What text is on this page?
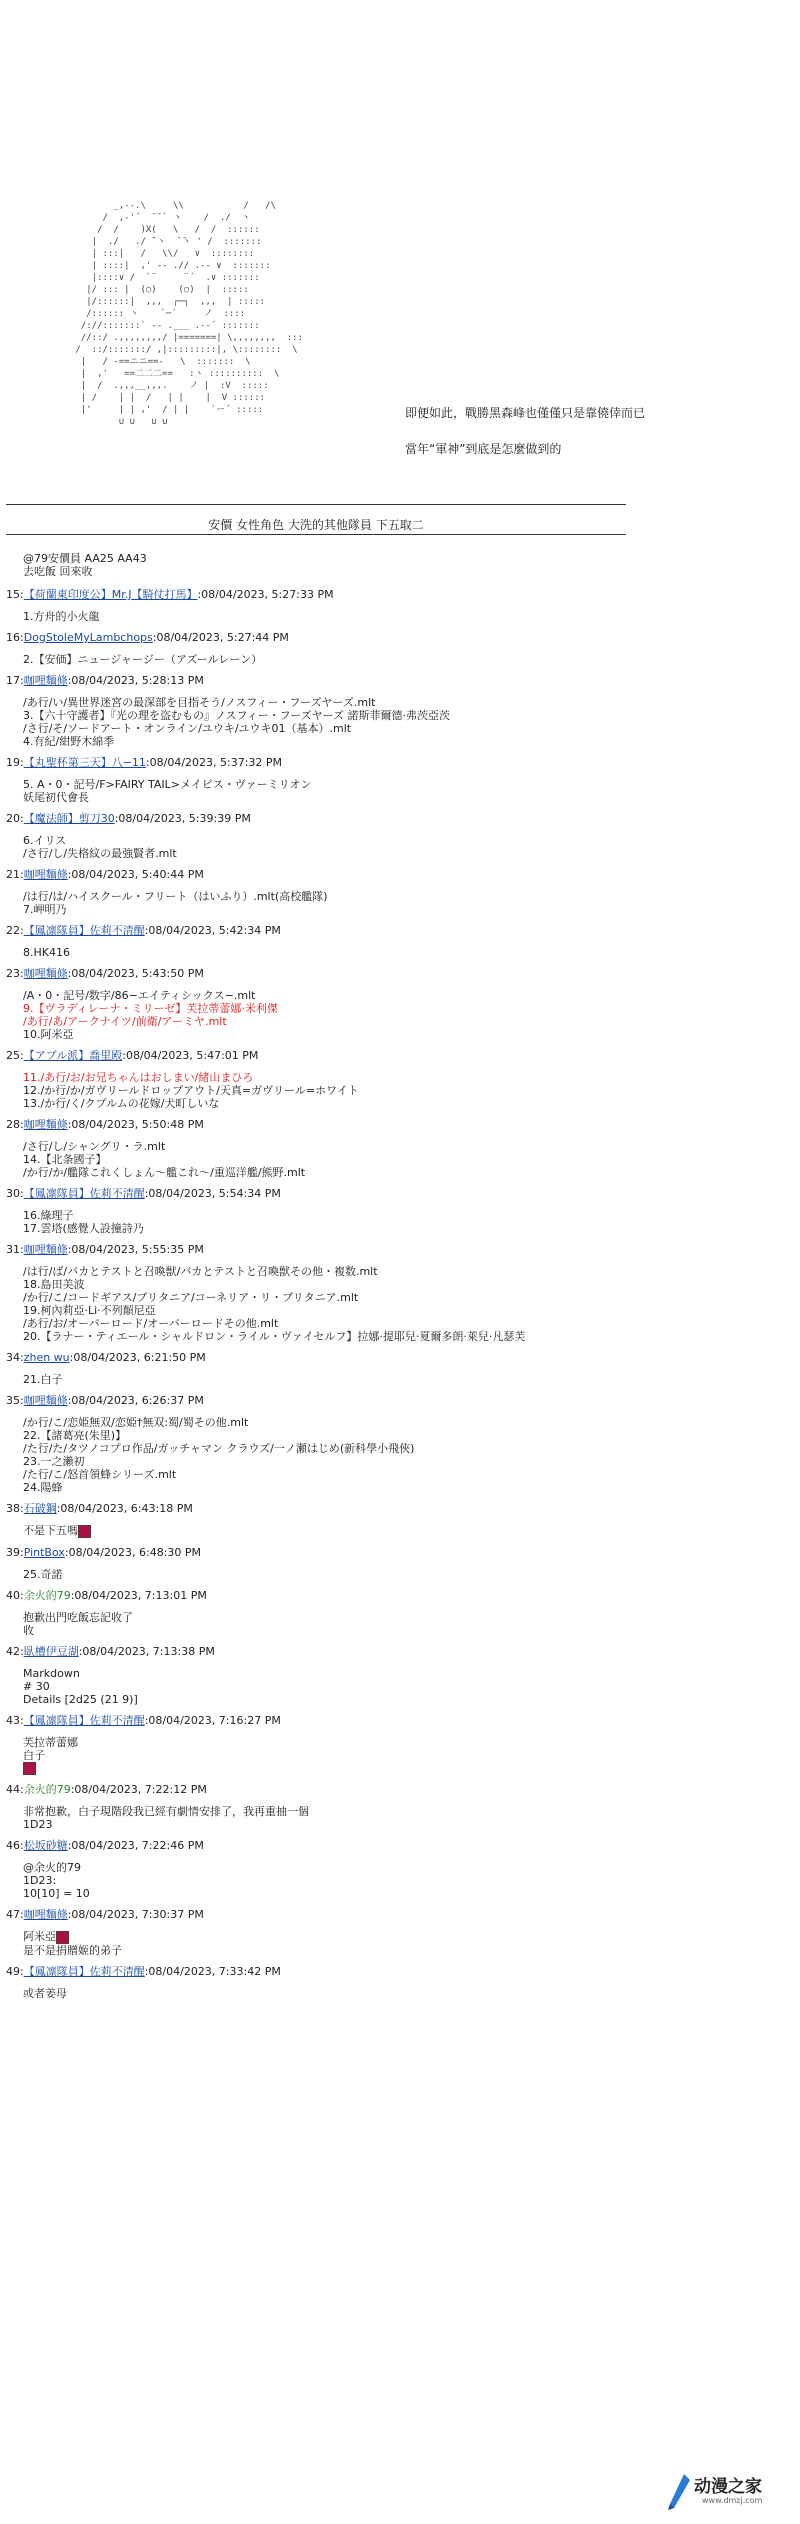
_,--.\     \\           /   /\
/  ,‐'´  ̄ ̄ ` ヽ    /  ./  ヽ
/  /    )X(   \   /  /  ::::::
|  ./   ./ ̄`ヽ  ̄ ̄ヽ ' /  :::::::
| :::|   /   \\/   ∨  ::::::::
| ::::|  ,' ‐- .// .-‐ ∨  :::::::
|::::∨ /  `¨     ¨´  .∨ :::::::
|/ ::: |  (○)    (○)  |  :::::
|/::::::|  ,,,  ┌─┐  ,,,  | :::::
/:::::: ヽ    `─´     ノ  ::::
/://:::::::` ‐- .___ .-‐´ :::::::
//::/ .,,,,,,,,/ |=======| \,,,,,,,,  :::
/  ::/:::::::/ ,|:::::::::|, \::::::::  \
|   / ‐==ニニ==-   \  :::::::  \
|  ,'   ==二二二==   :ヽ ::::::::::  \
|  /  .,,,__,,,.    ノ |  :V  :::::
| /    | |  /   | |    |  V ::::::
|'     | | ,'  / | |    `ー´ :::::
∪ ∪   ∪ ∪

即便如此，戰勝黑森峰也僅僅只是靠僥倖而已
當年“軍神”到底是怎麼做到的
安價 女性角色 大洗的其他隊員 下五取二
@79安價員 AA25 AA43
去吃飯 回來收
15:【荷蘭東印度公】Mr.J【騎仗打馬】:08/04/2023, 5:27:33 PM
1.方舟的小火龍
16:DogStoleMyLambchops:08/04/2023, 5:27:44 PM
2.【安価】ニュージャージー（アズールレーン）
17:咖哩麵條:08/04/2023, 5:28:13 PM
/あ行/い/異世界迷宮の最深部を目指そう/ノスフィー・フーズヤーズ.mlt
3.【六十守護者】『光の理を盗むもの』ノスフィー・フーズヤーズ 諾斯菲爾德·弗茨亞茨
/さ行/そ/ソードアート・オンライン/ユウキ/ユウキ01（基本）.mlt
4.有紀/紺野木綿季
19:【丸聖杯第三天】八−11:08/04/2023, 5:37:32 PM
5. A・0・記号/F>FAIRY TAIL>メイビス・ヴァーミリオン
妖尾初代會長
20:【魔法師】剪刀30:08/04/2023, 5:39:39 PM
6.イリス
/さ行/し/失格紋の最強賢者.mlt
21:咖哩麵條:08/04/2023, 5:40:44 PM
/は行/は/ハイスクール・フリート（はいふり）.mlt(高校艦隊)
7.岬明乃
22:【鳳凛隊員】佐莉不清醒:08/04/2023, 5:42:34 PM
8.HK416
23:咖哩麵條:08/04/2023, 5:43:50 PM
/A・0・記号/数字/86−エイティシックス−.mlt
9.【ヴラディレーナ・ミリーゼ】芙拉蒂蕾娜·米利傑
/あ行/あ/アークナイツ/前衛/アーミヤ.mlt
10.阿米亞
25:【アブル派】喬里殿:08/04/2023, 5:47:01 PM
11./あ行/お/お兄ちゃんはおしまい/緒山まひろ
12./か行/か/ガヴリールドロップアウト/天真=ガヴリール=ホワイト
13./か行/く/クプルムの花嫁/犬町しいな
28:咖哩麵條:08/04/2023, 5:50:48 PM
/さ行/し/シャングリ・ラ.mlt
14.【北条國子】
/か行/か/艦隊これくしょん〜艦これ〜/重巡洋艦/熊野.mlt
30:【鳳凛隊員】佐莉不清醒:08/04/2023, 5:54:34 PM
16.綠理子
17.雲塔(感覺人設撞詩乃
31:咖哩麵條:08/04/2023, 5:55:35 PM
/は行/ば/バカとテストと召喚獣/バカとテストと召喚獣その他・複数.mlt
18.島田美波
/か行/こ/コードギアス/ブリタニア/コーネリア・リ・ブリタニア.mlt
19.柯內莉亞·Li·不列顛尼亞
/あ行/お/オーバーロード/オーバーロードその他.mlt
20.【ラナー・ティエール・シャルドロン・ライル・ヴァイセルフ】拉娜·提耶兒·夏爾多朗·萊兒·凡瑟芙
34:zhen wu:08/04/2023, 6:21:50 PM
21.白子
35:咖哩麵條:08/04/2023, 6:26:37 PM
/か行/こ/恋姫無双/恋姫†無双:蜀/蜀その他.mlt
22.【諸葛亮(朱里)】
/た行/た/タツノコプロ作品/ガッチャマン クラウズ/一ノ瀬はじめ(新科學小飛俠)
23.一之瀨初
/た行/こ/怒首領蜂シリーズ.mlt
24.陽蜂
38:石破鋼:08/04/2023, 6:43:18 PM
不是下五嗎
39:PintBox:08/04/2023, 6:48:30 PM
25.奇諾
40:余火的79:08/04/2023, 7:13:01 PM
抱歉出門吃飯忘記收了
收
42:臥槽伊豆湖:08/04/2023, 7:13:38 PM
Markdown
# 30
Details [2d25 (21 9)]
43:【鳳凛隊員】佐莉不清醒:08/04/2023, 7:16:27 PM
芙拉蒂蕾娜
白子
44:余火的79:08/04/2023, 7:22:12 PM
非常抱歉，白子現階段我已經有劇情安排了，我再重抽一個
1D23
46:松坂砂糖:08/04/2023, 7:22:46 PM
@余火的79
1D23:
10[10] = 10
47:咖哩麵條:08/04/2023, 7:30:37 PM
阿米亞
是不是捐贈姬的弟子
49:【鳳凛隊員】佐莉不清醒:08/04/2023, 7:33:42 PM
或者姜母
动漫之家
www.dmzj.com
